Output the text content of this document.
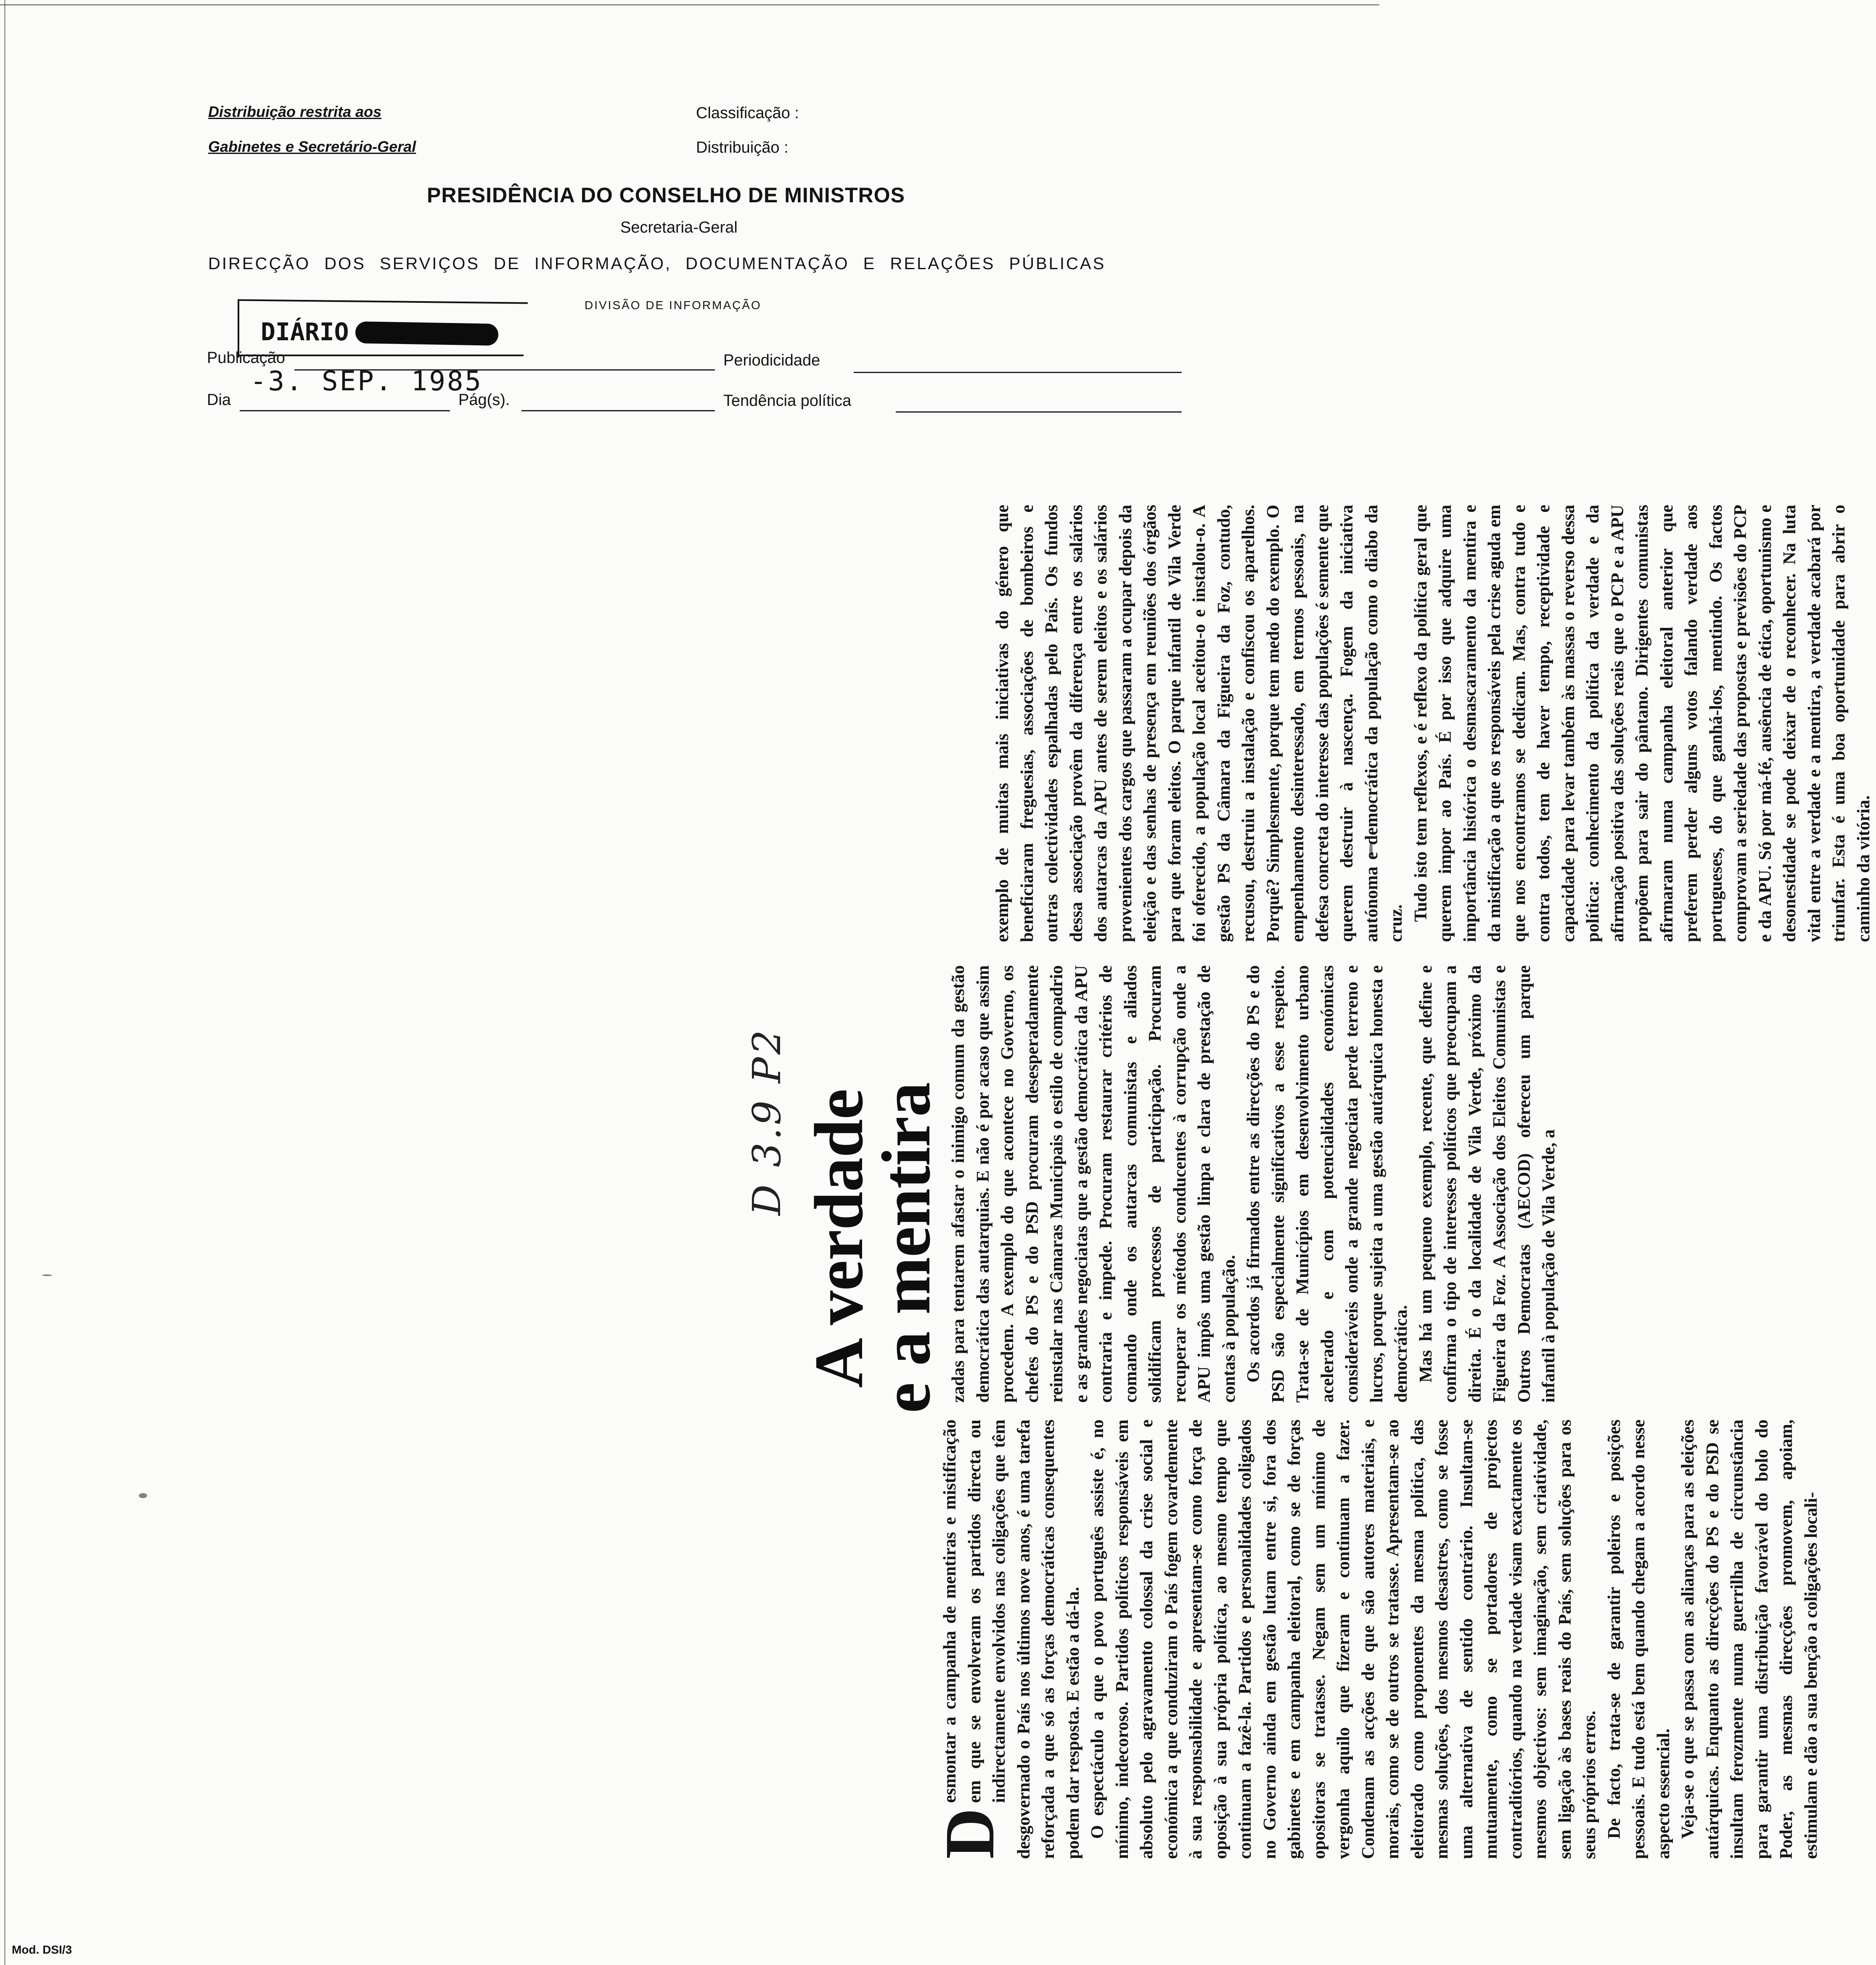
Distribuição restrita aos
Gabinetes e Secretário-Geral
Classificação :
Distribuição :
PRESIDÊNCIA DO CONSELHO DE MINISTROS
Secretaria-Geral
DIRECÇÃO DOS SERVIÇOS DE INFORMAÇÃO, DOCUMENTAÇÃO E RELAÇÕES PÚBLICAS
DIVISÃO DE INFORMAÇÃO
DIÁRIO
Publicação	Periodicidade
-3. SEP. 1985
Dia	Pág(s).	Tendência política

D
esmontar a campanha de mentiras e mistificação em que se envolveram os partidos directa ou indirectamente envolvidos nas coligações que têm desgovernado o País nos últimos nove anos, é uma tarefa reforçada a que só as forças democráticas consequentes podem dar resposta. E estão a dá-la. O espectáculo a que o povo português assiste é, no mínimo, indecoroso. Partidos políticos responsáveis em absoluto pelo agravamento colossal da crise social e económica a que conduziram o País fogem covardemente à sua responsabilidade e apresentam-se como força de oposição à sua própria política, ao mesmo tempo que continuam a fazê-la. Partidos e personalidades coligados no Governo ainda em gestão lutam entre si, fora dos gabinetes e em campanha eleitoral, como se de forças opositoras se tratasse. Negam sem um mínimo de vergonha aquilo que fizeram e continuam a fazer. Condenam as acções de que são autores materiais, e morais, como se de outros se tratasse. Apresentam-se ao eleitorado como proponentes da mesma política, das mesmas soluções, dos mesmos desastres, como se fosse uma alternativa de sentido contrário. Insultam-se mutuamente, como se portadores de projectos contraditórios, quando na verdade visam exactamente os mesmos objectivos: sem imaginação, sem criatividade, sem ligação às bases reais do País, sem soluções para os seus próprios erros. De facto, trata-se de garantir poleiros e posições pessoais. E tudo está bem quando chegam a acordo nesse aspecto essencial. Veja-se o que se passa com as alianças para as eleições autárquicas. Enquanto as direcções do PS e do PSD se insultam ferozmente numa guerrilha de circunstância para garantir uma distribuição favorável do bolo do Poder, as mesmas direcções promovem, apoiam, estimulam e dão a sua benção a coligações locali-

A verdade
e a mentira
D 3.9 P2	zadas para tentarem afastar o inimigo comum da gestão democrática das autarquias. E não é por acaso que assim procedem. A exemplo do que acontece no Governo, os chefes do PS e do PSD procuram desesperadamente reinstalar nas Câmaras Municipais o estilo de compadrio e as grandes negociatas que a gestão democrática da APU contraria e impede. Procuram restaurar critérios de comando onde os autarcas comunistas e aliados solidificam processos de participação. Procuram recuperar os métodos conducentes à corrupção onde a APU impôs uma gestão limpa e clara de prestação de contas à população. Os acordos já firmados entre as direcções do PS e do PSD são especialmente significativos a esse respeito. Trata-se de Municípios em desenvolvimento urbano acelerado e com potencialidades económicas consideráveis onde a grande negociata perde terreno e lucros, porque sujeita a uma gestão autárquica honesta e democrática. Mas há um pequeno exemplo, recente, que define e confirma o tipo de interesses políticos que preocupam a direita. É o da localidade de Vila Verde, próximo da Figueira da Foz. A Associação dos Eleitos Comunistas e Outros Democratas (AECOD) ofereceu um parque infantil à população de Vila Verde, a

exemplo de muitas mais iniciativas do género que beneficiaram freguesias, associações de bombeiros e outras colectividades espalhadas pelo País. Os fundos dessa associação provêm da diferença entre os salários dos autarcas da APU antes de serem eleitos e os salários provenientes dos cargos que passaram a ocupar depois da eleição e das senhas de presença em reuniões dos órgãos para que foram eleitos. O parque infantil de Vila Verde foi oferecido, a população local aceitou-o e instalou-o. A gestão PS da Câmara da Figueira da Foz, contudo, recusou, destruiu a instalação e confiscou os aparelhos. Porquê? Simplesmente, porque tem medo do exemplo. O empenhamento desinteressado, em termos pessoais, na defesa concreta do interesse das populações é semente que querem destruir à nascença. Fogem da iniciativa autónoma e democrática da população como o diabo da cruz.

Tudo isto tem reflexos, e é reflexo da política geral que querem impor ao País. É por isso que adquire uma importância histórica o desmascaramento da mentira e da mistificação a que os responsáveis pela crise aguda em que nos encontramos se dedicam. Mas, contra tudo e contra todos, tem de haver tempo, receptividade e capacidade para levar também às massas o reverso dessa política: conhecimento da política da verdade e da afirmação positiva das soluções reais que o PCP e a APU propõem para sair do pântano. Dirigentes comunistas afirmaram numa campanha eleitoral anterior que preferem perder alguns votos falando verdade aos portugueses, do que ganhá-los, mentindo. Os factos comprovam a seriedade das propostas e previsões do PCP e da APU. Só por má-fé, ausência de ética, oportunismo e desonestidade se pode deixar de o reconhecer. Na luta vital entre a verdade e a mentira, a verdade acabará por triunfar. Esta é uma boa oportunidade para abrir o caminho da vitória.

Mod. DSI/3
